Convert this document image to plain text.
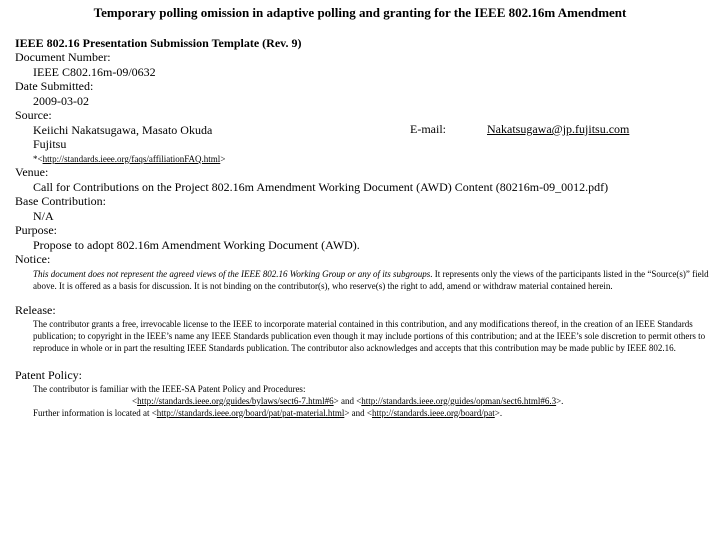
Temporary polling omission in adaptive polling and granting for the IEEE 802.16m Amendment
IEEE 802.16 Presentation Submission Template (Rev. 9)
Document Number:
IEEE C802.16m-09/0632
Date Submitted:
2009-03-02
Source:
Keiichi Nakatsugawa, Masato Okuda
Fujitsu
*<http://standards.ieee.org/faqs/affiliationFAQ.html>
E-mail:	Nakatsugawa@jp.fujitsu.com
Venue:
Call for Contributions on the Project 802.16m Amendment Working Document (AWD) Content (80216m-09_0012.pdf)
Base Contribution:
N/A
Purpose:
Propose to adopt 802.16m Amendment Working Document (AWD).
Notice:
This document does not represent the agreed views of the IEEE 802.16 Working Group or any of its subgroups. It represents only the views of the participants listed in the “Source(s)” field above. It is offered as a basis for discussion. It is not binding on the contributor(s), who reserve(s) the right to add, amend or withdraw material contained herein.
Release:
The contributor grants a free, irrevocable license to the IEEE to incorporate material contained in this contribution, and any modifications thereof, in the creation of an IEEE Standards publication; to copyright in the IEEE’s name any IEEE Standards publication even though it may include portions of this contribution; and at the IEEE’s sole discretion to permit others to reproduce in whole or in part the resulting IEEE Standards publication. The contributor also acknowledges and accepts that this contribution may be made public by IEEE 802.16.
Patent Policy:
The contributor is familiar with the IEEE-SA Patent Policy and Procedures:
<http://standards.ieee.org/guides/bylaws/sect6-7.html#6> and <http://standards.ieee.org/guides/opman/sect6.html#6.3>.
Further information is located at <http://standards.ieee.org/board/pat/pat-material.html> and <http://standards.ieee.org/board/pat>.
